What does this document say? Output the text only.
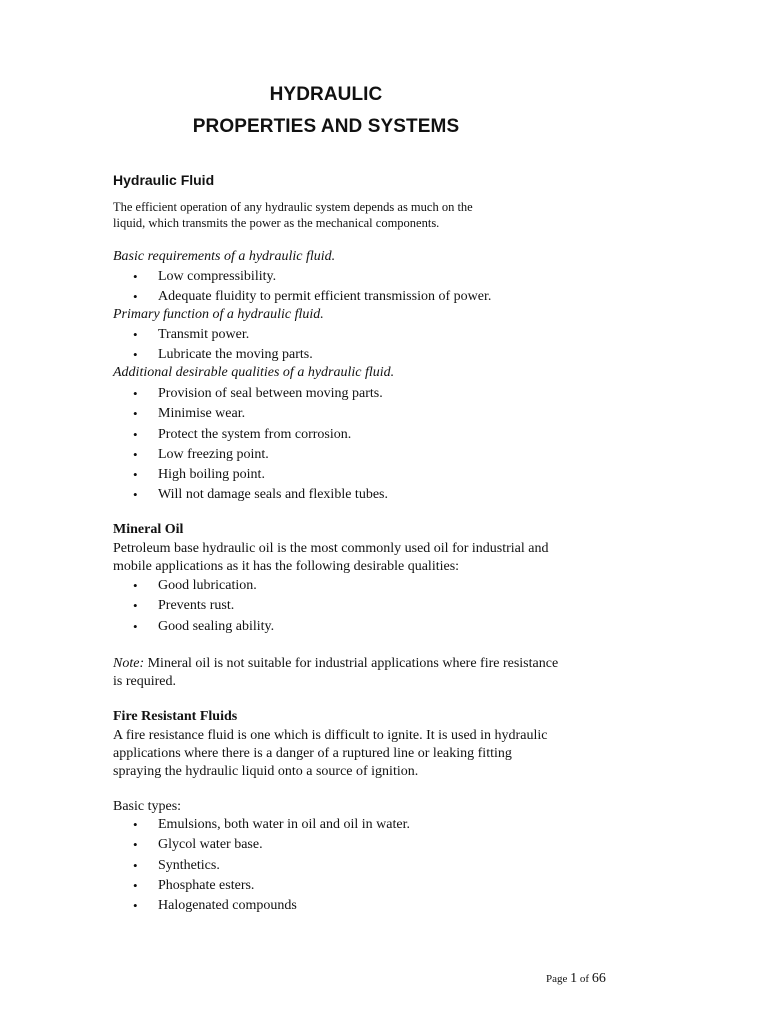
HYDRAULIC
PROPERTIES AND SYSTEMS
Hydraulic Fluid
The efficient operation of any hydraulic system depends as much on the
liquid, which transmits the power as the mechanical components.
Basic requirements of a hydraulic fluid.
• Low compressibility.
• Adequate fluidity to permit efficient transmission of power.
Primary function of a hydraulic fluid.
• Transmit power.
• Lubricate the moving parts.
Additional desirable qualities of a hydraulic fluid.
• Provision of seal between moving parts.
• Minimise wear.
• Protect the system from corrosion.
• Low freezing point.
• High boiling point.
• Will not damage seals and flexible tubes.
Mineral Oil
Petroleum base hydraulic oil is the most commonly used oil for industrial and
mobile applications as it has the following desirable qualities:
• Good lubrication.
• Prevents rust.
• Good sealing ability.
Note: Mineral oil is not suitable for industrial applications where fire resistance
is required.
Fire Resistant Fluids
A fire resistance fluid is one which is difficult to ignite. It is used in hydraulic
applications where there is a danger of a ruptured line or leaking fitting
spraying the hydraulic liquid onto a source of ignition.
Basic types:
• Emulsions, both water in oil and oil in water.
• Glycol water base.
• Synthetics.
• Phosphate esters.
• Halogenated compounds
Page 1 of 66
